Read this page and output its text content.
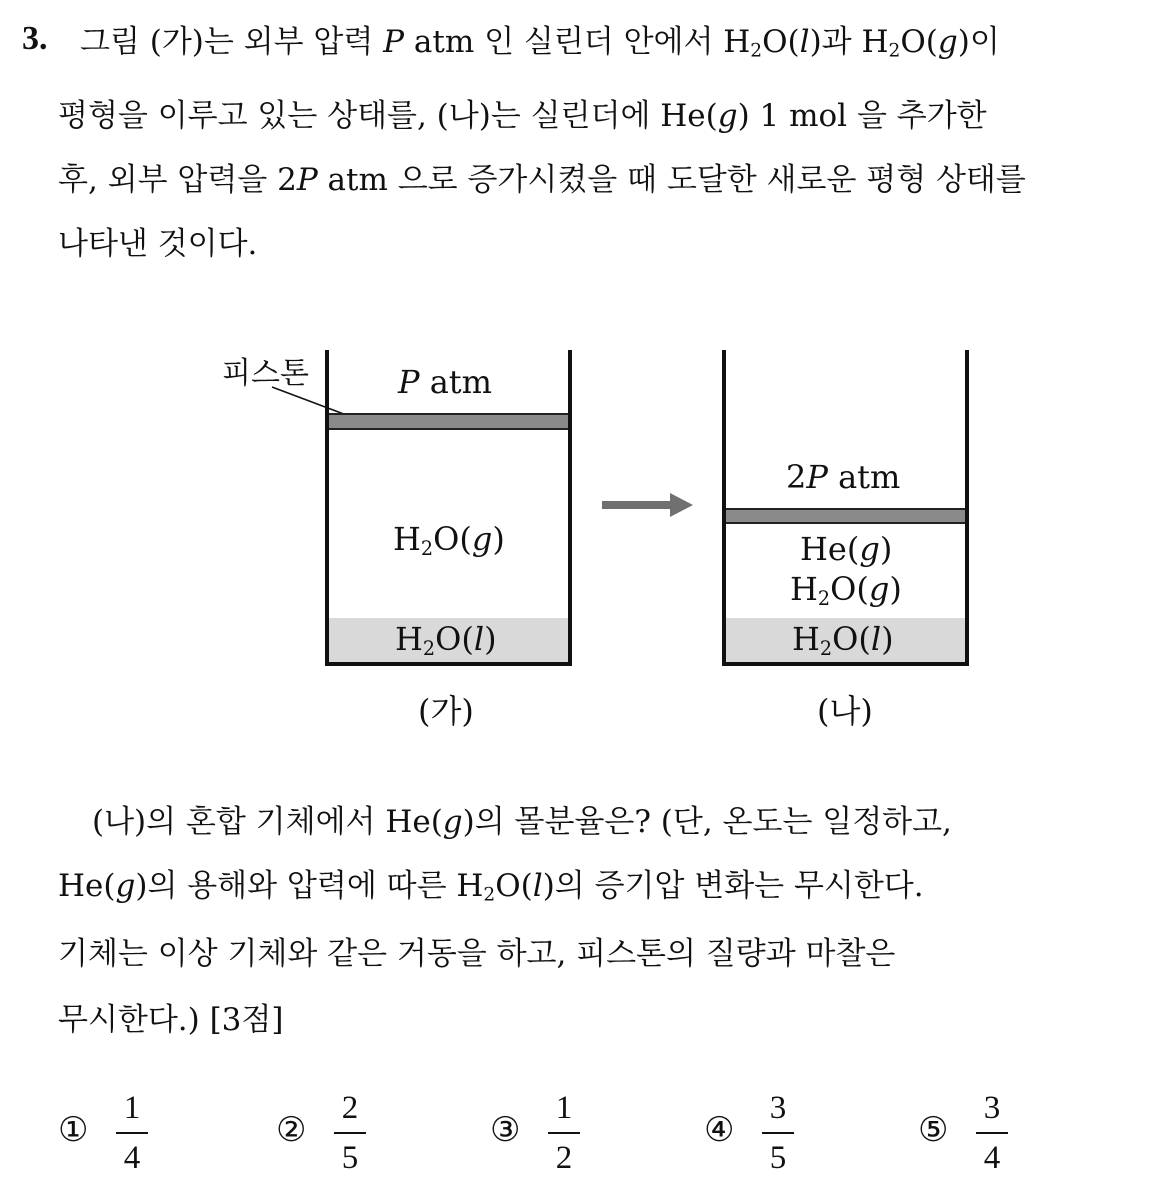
3. 그림 (가)는 외부 압력 P atm 인 실린더 안에서 $H_2O(l)$과 $H_2O(g)$이
평형을 이루고 있는 상태를, (나)는 실린더에 He(g) 1 mol 을 추가한
후, 외부 압력을 2P atm 으로 증가시켰을 때 도달한 새로운 평형 상태를
나타낸 것이다.
피스톤	P atm
$H_2O(g)$
$H_2O(l)$
(가)
2P atm
He(g)
$H_2O(g)$
$H_2O(l)$
(나)
(나)의 혼합 기체에서 He(g)의 몰분율은? (단, 온도는 일정하고,
He(g)의 용해와 압력에 따른 $H_2O(l)$의 증기압 변화는 무시한다.
기체는 이상 기체와 같은 거동을 하고, 피스톤의 질량과 마찰은
무시한다.) [3점]
①
1
4
②
2
5
③
1
2
④
3
5
⑤
3
4
